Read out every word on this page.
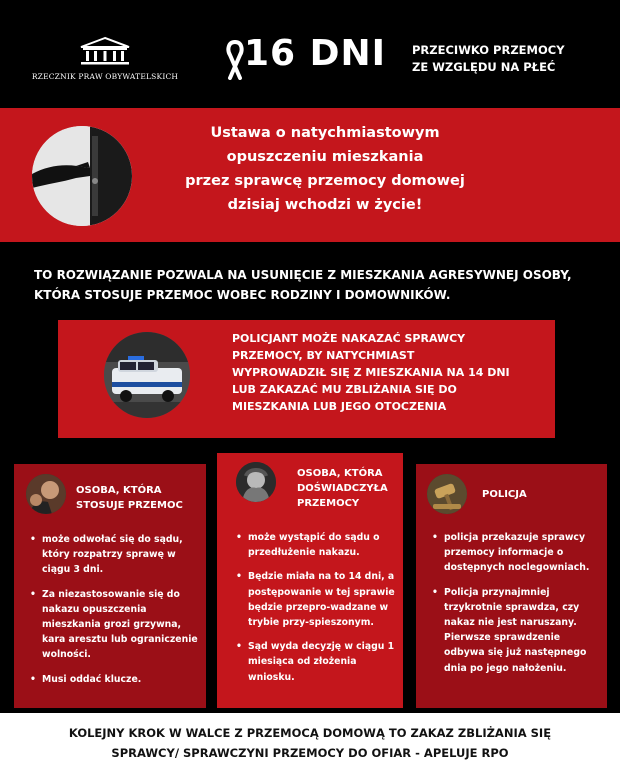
RZECZNIK PRAW OBYWATELSKICH
16 DNI PRZECIWKO PRZEMOCY
ZE WZGLĘDU NA PŁEĆ
Ustawa o natychmiastowym
opuszczeniu mieszkania
przez sprawcę przemocy domowej
dzisiaj wchodzi w życie!
TO ROZWIĄZANIE POZWALA NA USUNIĘCIE Z MIESZKANIA AGRESYWNEJ OSOBY,
KTÓRA STOSUJE PRZEMOC WOBEC RODZINY I DOMOWNIKÓW.
POLICJANT MOŻE NAKAZAĆ SPRAWCY
PRZEMOCY, BY NATYCHMIAST
WYPROWADZIŁ SIĘ Z MIESZKANIA NA 14 DNI
LUB ZAKAZAĆ MU ZBLIŻANIA SIĘ DO
MIESZKANIA LUB JEGO OTOCZENIA
OSOBA, KTÓRA
STOSUJE PRZEMOC
• może odwołać się do sądu, który rozpatrzy sprawę w ciągu 3 dni.
• Za niezastosowanie się do nakazu opuszczenia mieszkania grozi grzywna, kara aresztu lub ograniczenie wolności.
• Musi oddać klucze.
OSOBA, KTÓRA
DOŚWIADCZYŁA
PRZEMOCY
• może wystąpić do sądu o przedłużenie nakazu.
• Będzie miała na to 14 dni, a postępowanie w tej sprawie będzie przepro-wadzane w trybie przy-spieszonym.
• Sąd wyda decyzję w ciągu 1 miesiąca od złożenia wniosku.
POLICJA
• policja przekazuje sprawcy przemocy informacje o dostępnych noclegowniach.
• Policja przynajmniej trzykrotnie sprawdza, czy nakaz nie jest naruszany. Pierwsze sprawdzenie odbywa się już następnego dnia po jego nałożeniu.
KOLEJNY KROK W WALCE Z PRZEMOCĄ DOMOWĄ TO ZAKAZ ZBLIŻANIA SIĘ
SPRAWCY/ SPRAWCZYNI PRZEMOCY DO OFIAR - APELUJE RPO
